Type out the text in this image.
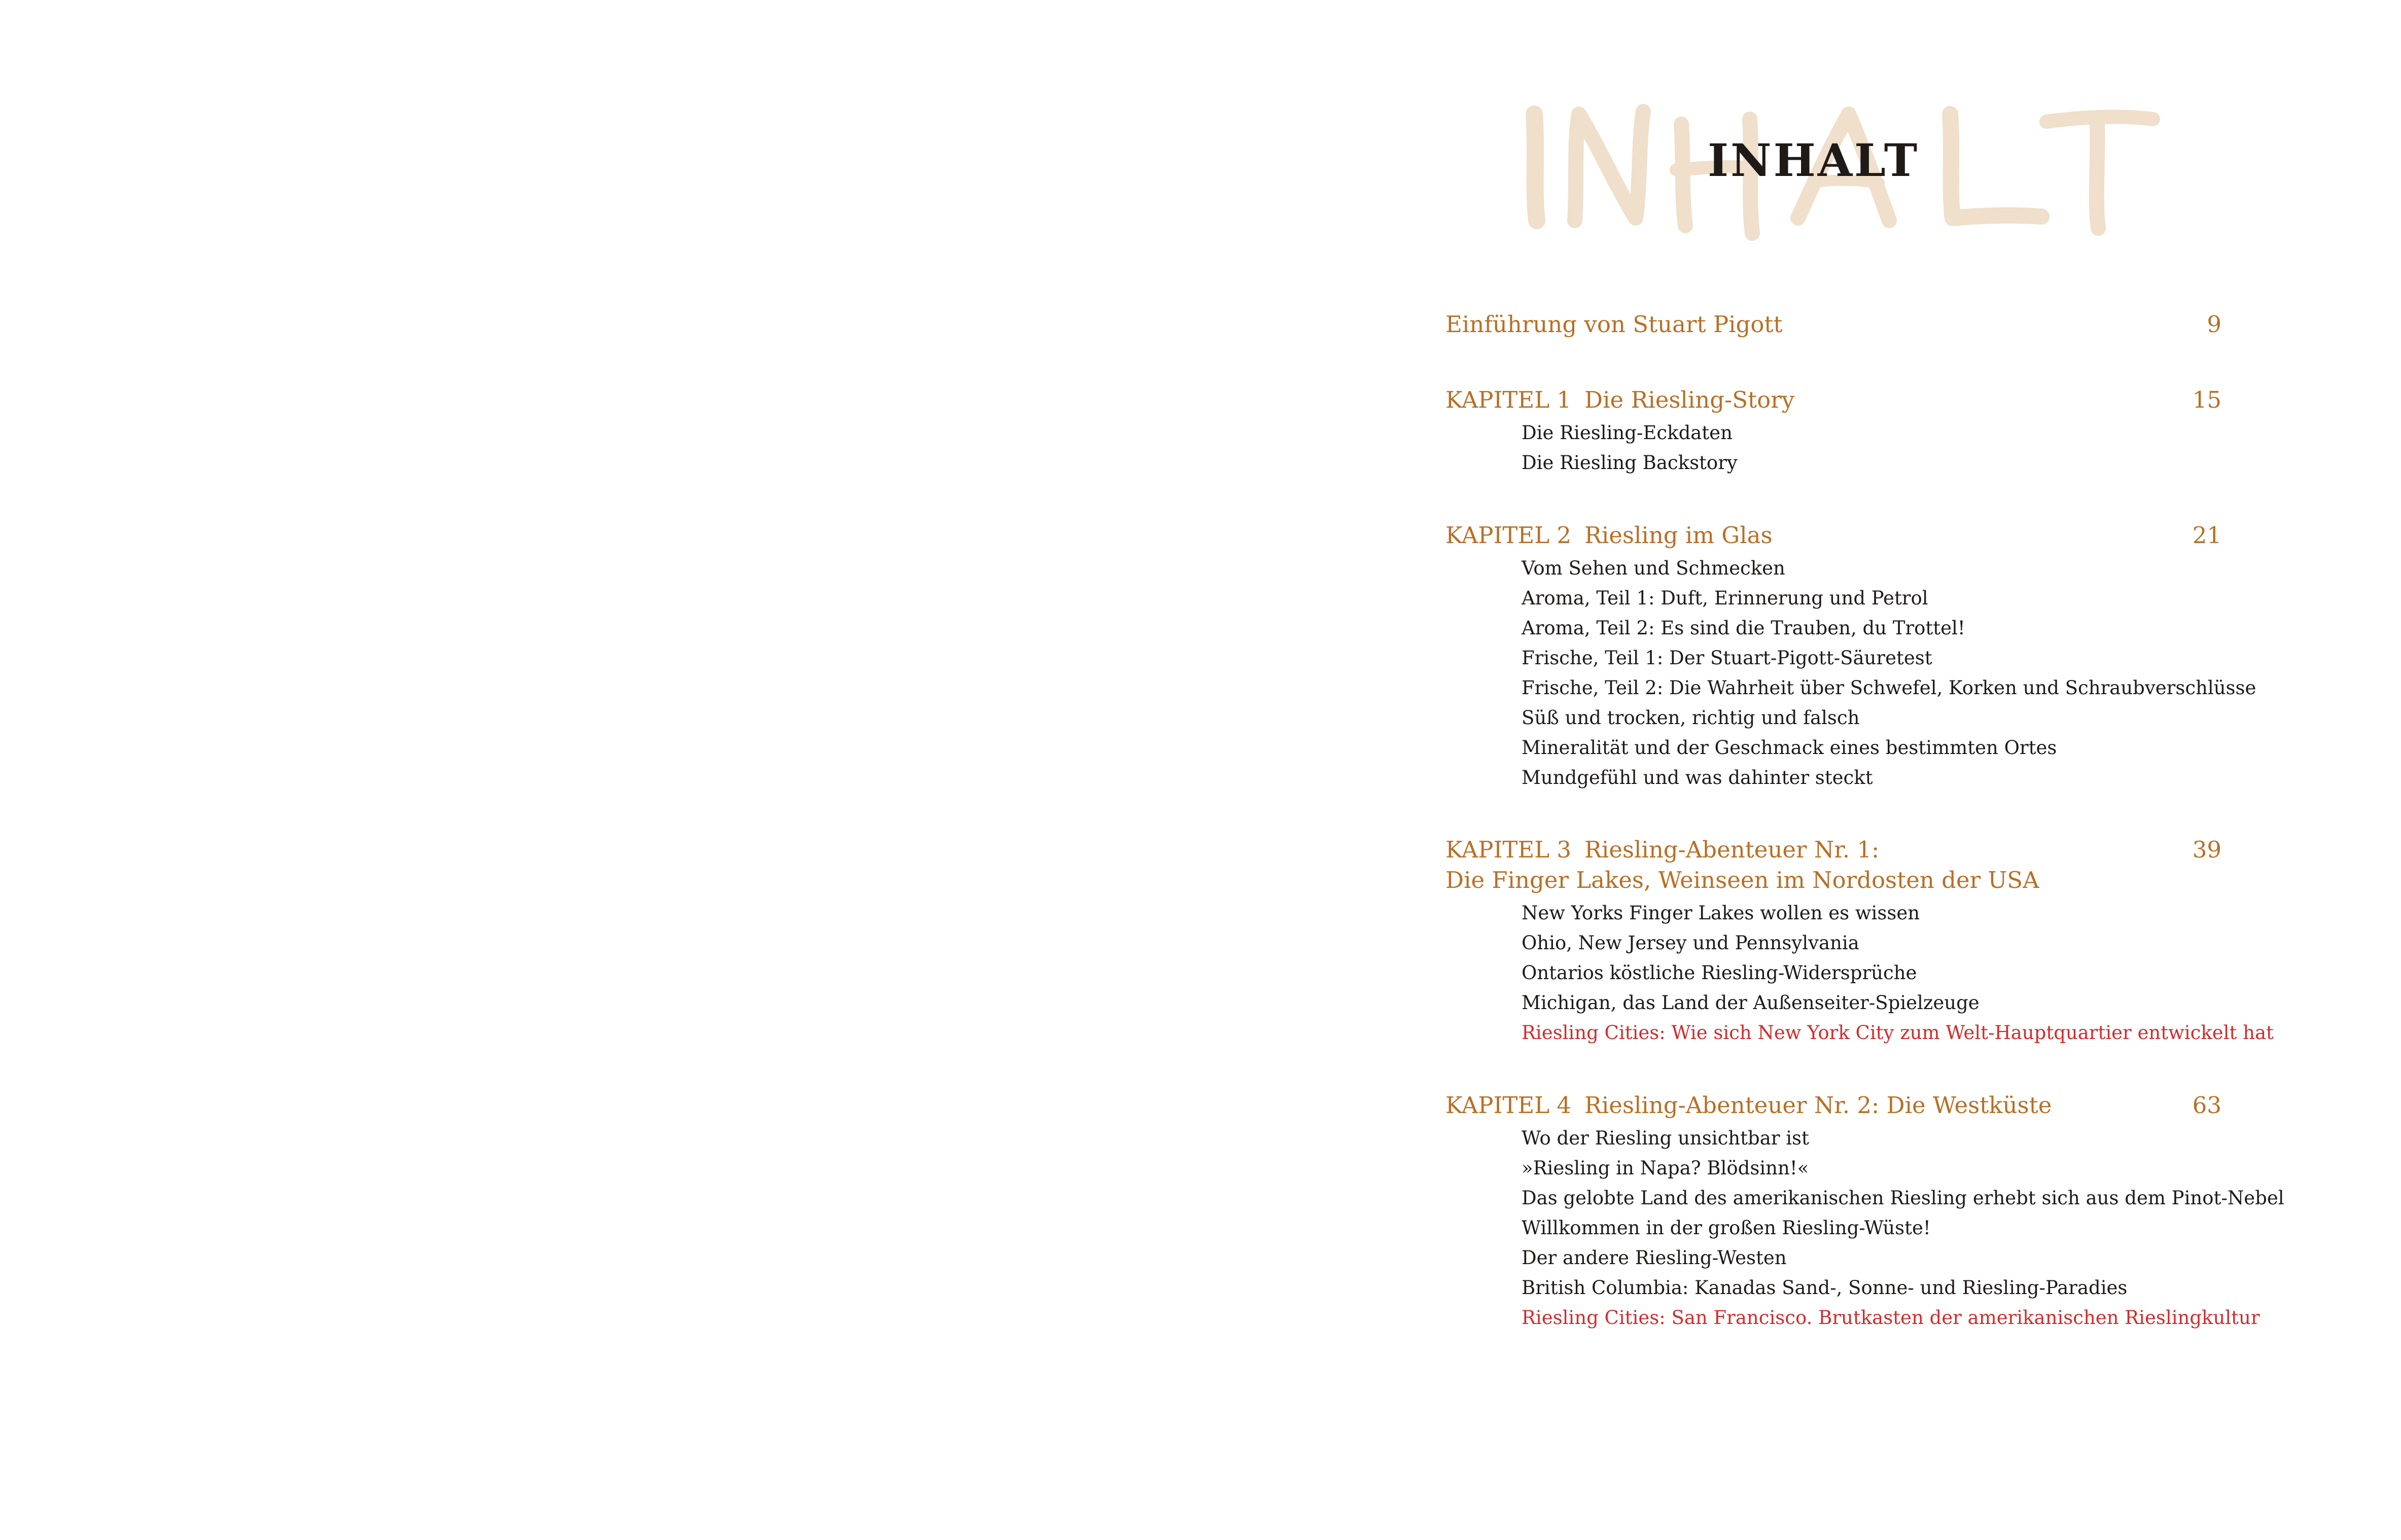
INHALT
Einführung von Stuart Pigott	9
KAPITEL 1 Die Riesling-Story	15
Die Riesling-Eckdaten
Die Riesling Backstory
KAPITEL 2 Riesling im Glas	21
Vom Sehen und Schmecken
Aroma, Teil 1: Duft, Erinnerung und Petrol
Aroma, Teil 2: Es sind die Trauben, du Trottel!
Frische, Teil 1: Der Stuart-Pigott-Säuretest
Frische, Teil 2: Die Wahrheit über Schwefel, Korken und Schraubverschlüsse
Süß und trocken, richtig und falsch
Mineralität und der Geschmack eines bestimmten Ortes
Mundgefühl und was dahinter steckt
KAPITEL 3 Riesling-Abenteuer Nr. 1:	39
Die Finger Lakes, Weinseen im Nordosten der USA
New Yorks Finger Lakes wollen es wissen
Ohio, New Jersey und Pennsylvania
Ontarios köstliche Riesling-Widersprüche
Michigan, das Land der Außenseiter-Spielzeuge
Riesling Cities: Wie sich New York City zum Welt-Hauptquartier entwickelt hat
KAPITEL 4 Riesling-Abenteuer Nr. 2: Die Westküste	63
Wo der Riesling unsichtbar ist
»Riesling in Napa? Blödsinn!«
Das gelobte Land des amerikanischen Riesling erhebt sich aus dem Pinot-Nebel
Willkommen in der großen Riesling-Wüste!
Der andere Riesling-Westen
British Columbia: Kanadas Sand-, Sonne- und Riesling-Paradies
Riesling Cities: San Francisco. Brutkasten der amerikanischen Rieslingkultur
